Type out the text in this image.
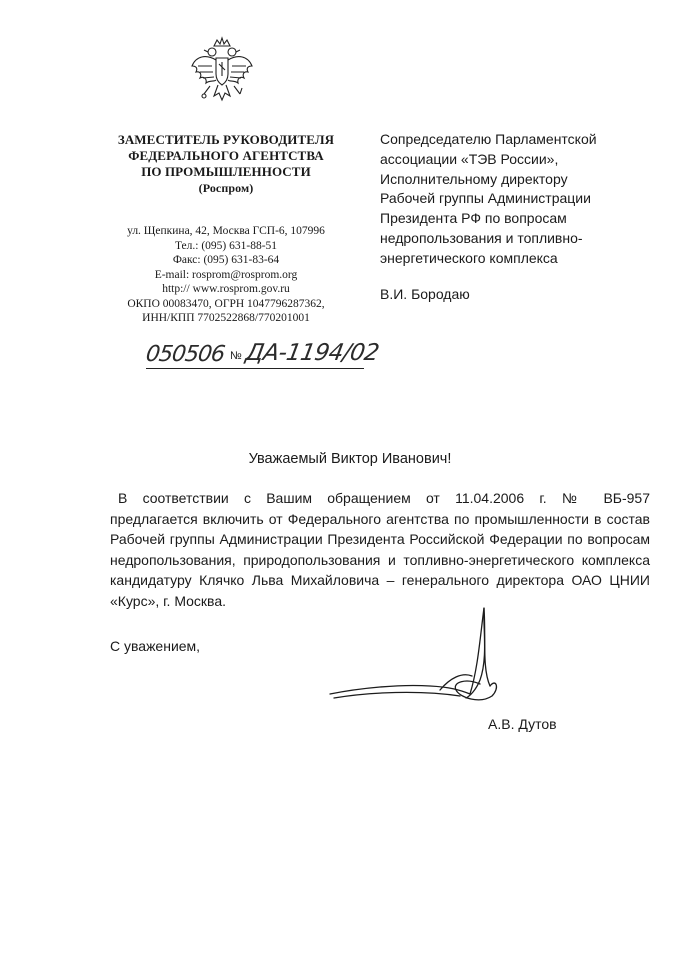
ЗАМЕСТИТЕЛЬ РУКОВОДИТЕЛЯ
ФЕДЕРАЛЬНОГО АГЕНТСТВА
ПО ПРОМЫШЛЕННОСТИ
(Роспром)
ул. Щепкина, 42, Москва ГСП-6, 107996
Тел.: (095) 631-88-51
Факс: (095) 631-83-64
E-mail: rosprom@rosprom.org
http:// www.rosprom.gov.ru
ОКПО 00083470, ОГРН 1047796287362,
ИНН/КПП 7702522868/770201001
Сопредседателю Парламентской
ассоциации «ТЭВ России»,
Исполнительному директору
Рабочей группы Администрации
Президента РФ по вопросам
недропользования и топливно-
энергетического комплекса
В.И. Бородаю
050506 № ДА-1194/02
Уважаемый Виктор Иванович!
В соответствии с Вашим обращением от 11.04.2006 г. № ВБ-957
предлагается включить от Федерального агентства по промышленности в состав
Рабочей группы Администрации Президента Российской Федерации по вопросам
недропользования, природопользования и топливно-энергетического комплекса
кандидатуру Клячко Льва Михайловича – генерального директора ОАО ЦНИИ
«Курс», г. Москва.
С уважением,
А.В. Дутов
